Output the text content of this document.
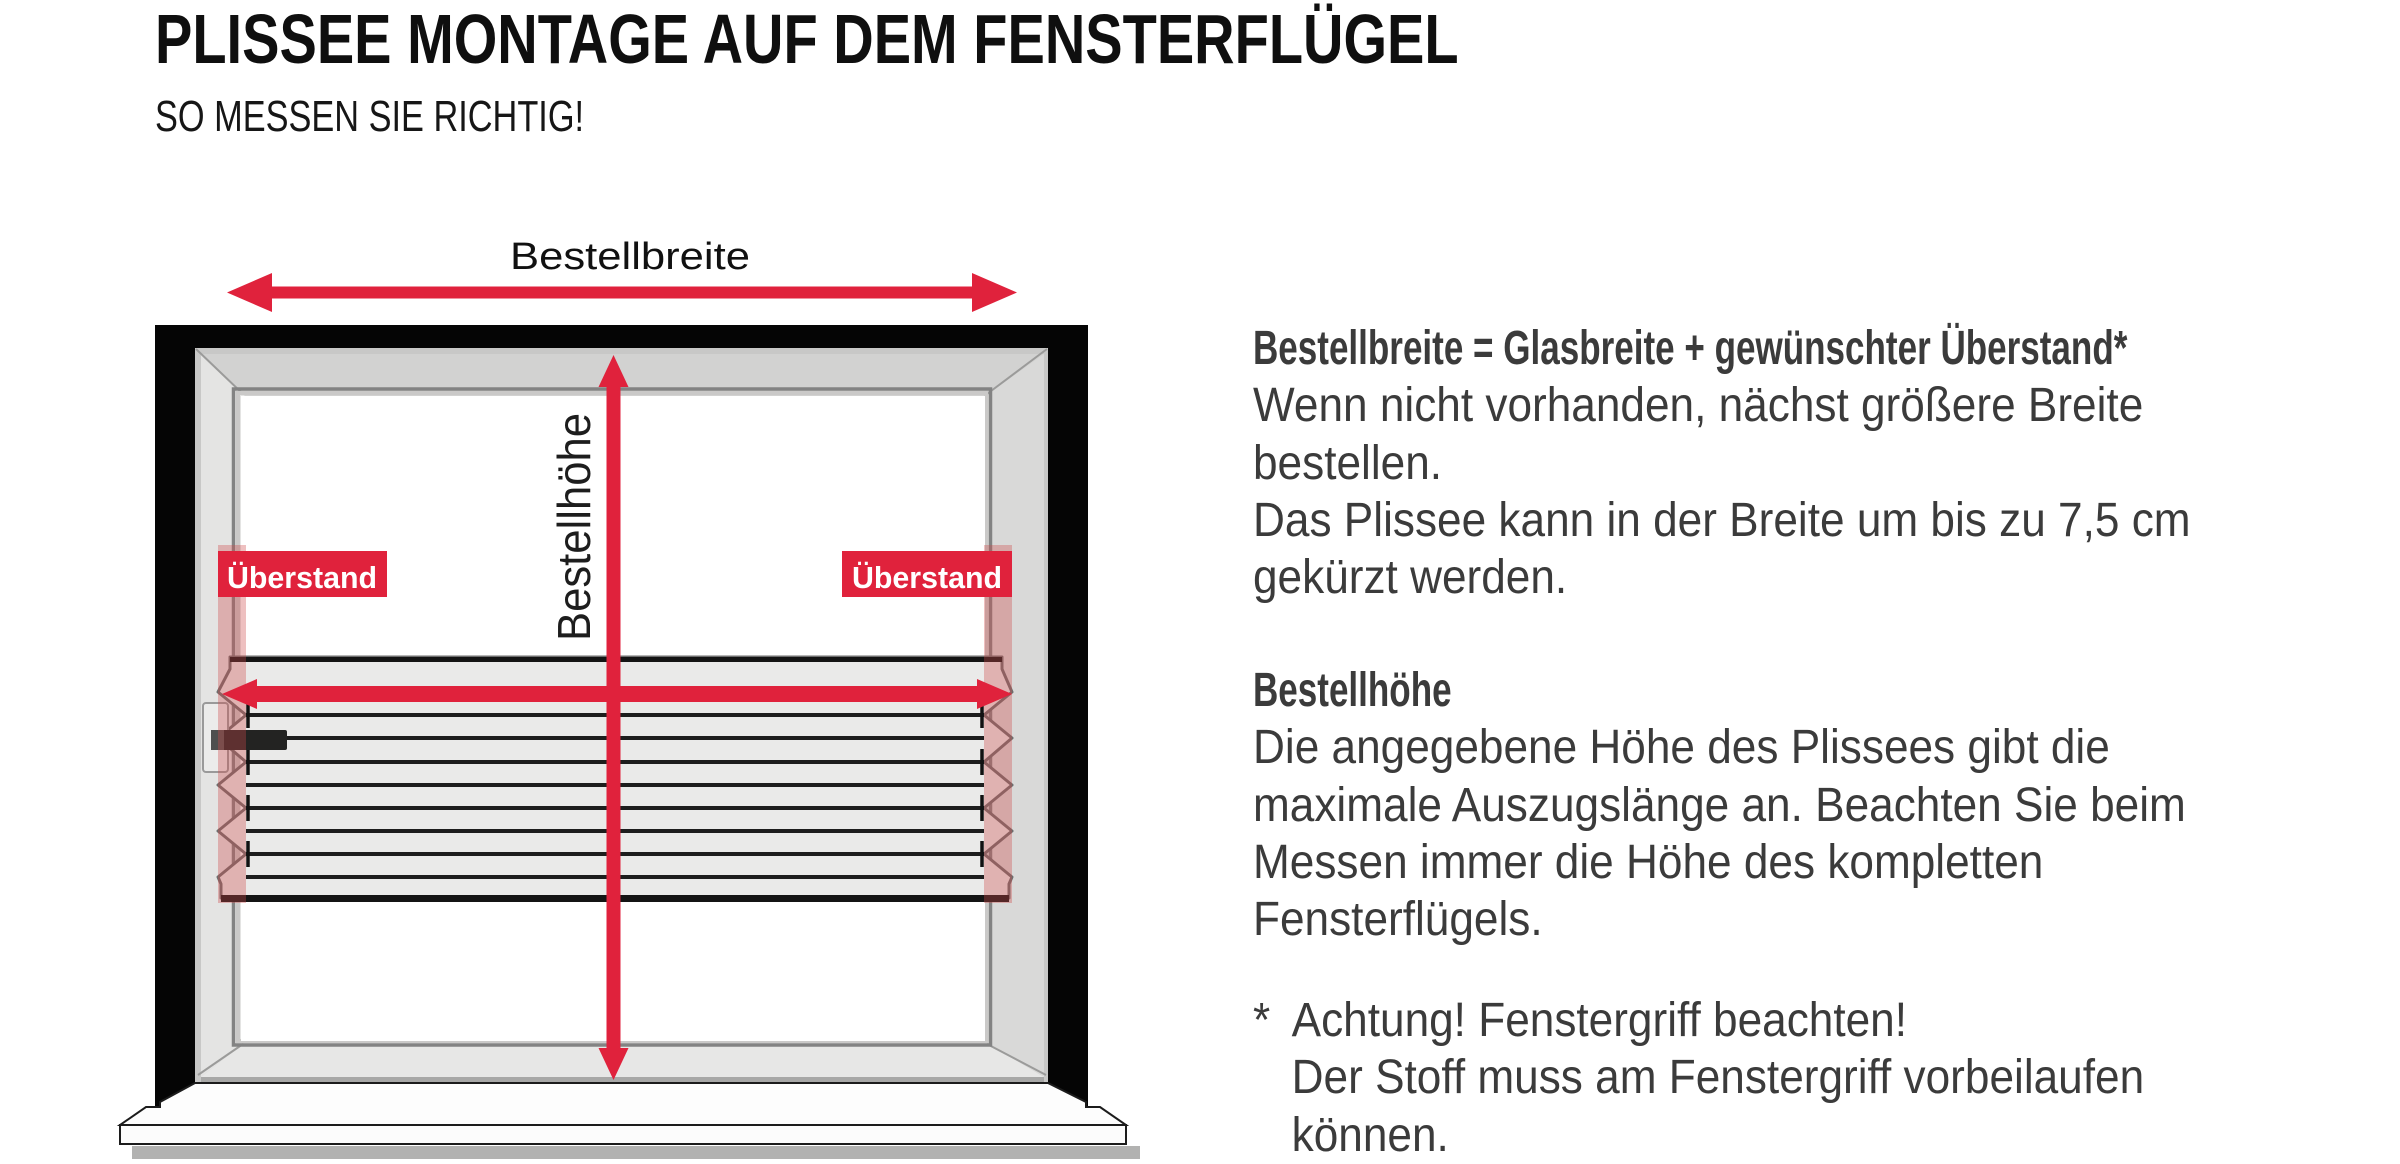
PLISSEE MONTAGE AUF DEM FENSTERFLÜGEL
SO MESSEN SIE RICHTIG!
Bestellbreite
Überstand	Überstand
Bestellhöhe

Bestellbreite = Glasbreite + gewünschter Überstand*

Wenn nicht vorhanden, nächst größere Breite

bestellen.

Das Plissee kann in der Breite um bis zu 7,5 cm

gekürzt werden.

Bestellhöhe

Die angegebene Höhe des Plissees gibt die

maximale Auszugslänge an. Beachten Sie beim

Messen immer die Höhe des kompletten

Fensterflügels.

* Achtung! Fenstergriff beachten!

Der Stoff muss am Fenstergriff vorbeilaufen

können.
